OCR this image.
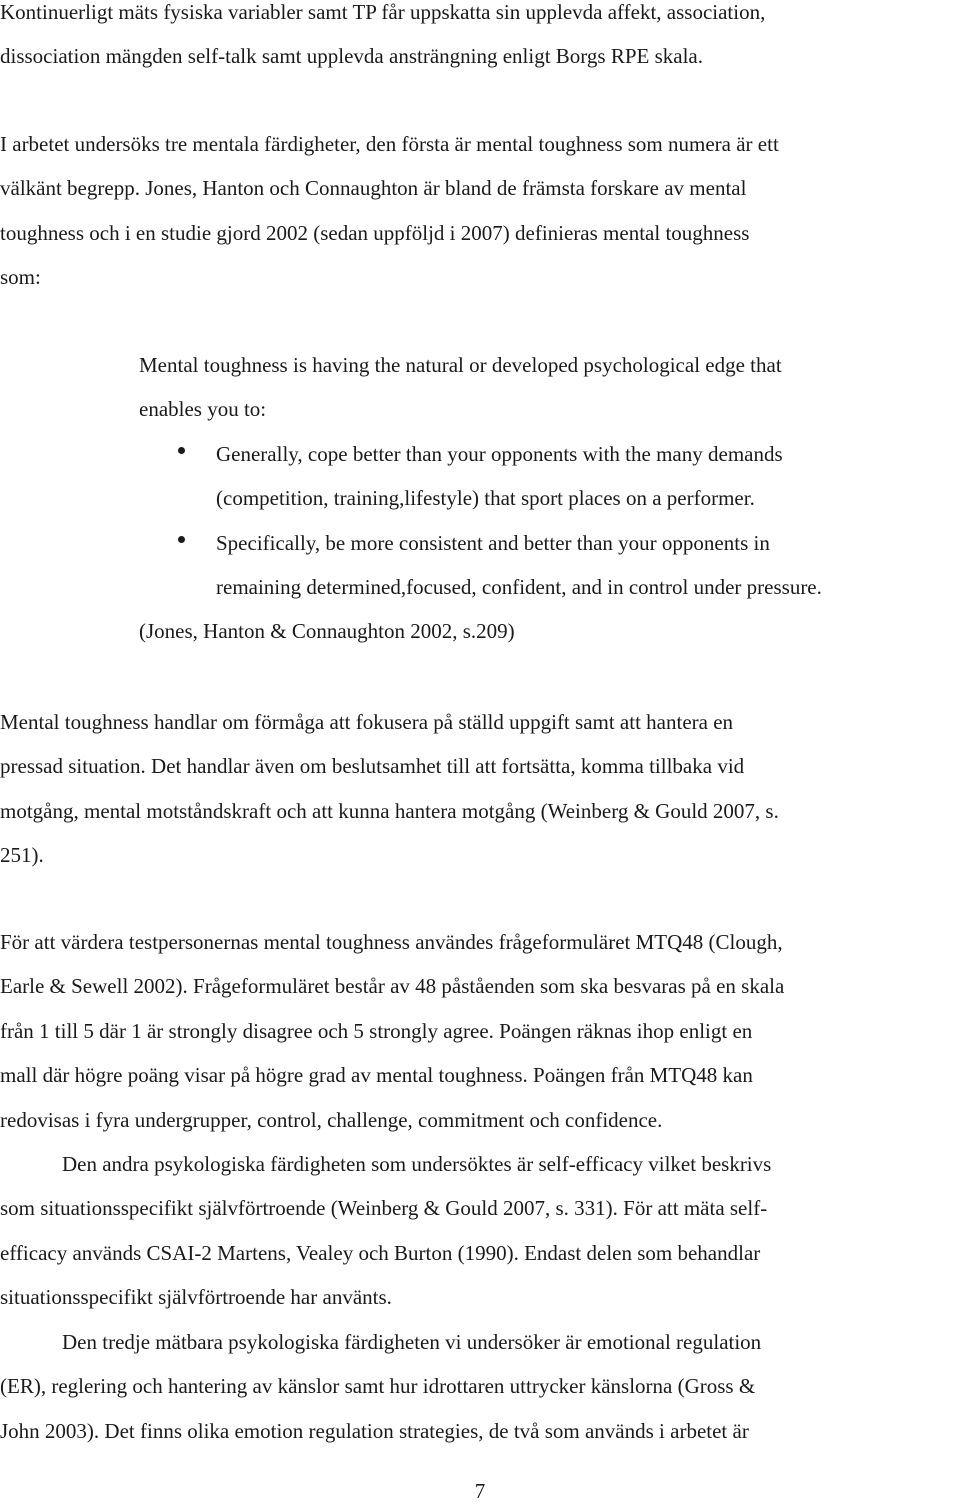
Kontinuerligt mäts fysiska variabler samt TP får uppskatta sin upplevda affekt, association,
dissociation mängden self-talk samt upplevda ansträngning enligt Borgs RPE skala.
I arbetet undersöks tre mentala färdigheter, den första är mental toughness som numera är ett
välkänt begrepp. Jones, Hanton och Connaughton är bland de främsta forskare av mental
toughness och i en studie gjord 2002 (sedan uppföljd i 2007) definieras mental toughness
som:
Mental toughness is having the natural or developed psychological edge that
enables you to:
Generally, cope better than your opponents with the many demands
(competition, training,lifestyle) that sport places on a performer.
Specifically, be more consistent and better than your opponents in
remaining determined,focused, confident, and in control under pressure.
(Jones, Hanton & Connaughton 2002, s.209)
Mental toughness handlar om förmåga att fokusera på ställd uppgift samt att hantera en
pressad situation. Det handlar även om beslutsamhet till att fortsätta, komma tillbaka vid
motgång, mental motståndskraft och att kunna hantera motgång (Weinberg & Gould 2007, s.
251).
För att värdera testpersonernas mental toughness användes frågeformuläret MTQ48 (Clough,
Earle & Sewell 2002). Frågeformuläret består av 48 påståenden som ska besvaras på en skala
från 1 till 5 där 1 är strongly disagree och 5 strongly agree. Poängen räknas ihop enligt en
mall där högre poäng visar på högre grad av mental toughness. Poängen från MTQ48 kan
redovisas i fyra undergrupper, control, challenge, commitment och confidence.
Den andra psykologiska färdigheten som undersöktes är self-efficacy vilket beskrivs
som situationsspecifikt självförtroende (Weinberg & Gould 2007, s. 331). För att mäta self-
efficacy används CSAI-2 Martens, Vealey och Burton (1990). Endast delen som behandlar
situationsspecifikt självförtroende har använts.
Den tredje mätbara psykologiska färdigheten vi undersöker är emotional regulation
(ER), reglering och hantering av känslor samt hur idrottaren uttrycker känslorna (Gross &
John 2003). Det finns olika emotion regulation strategies, de två som används i arbetet är
7
